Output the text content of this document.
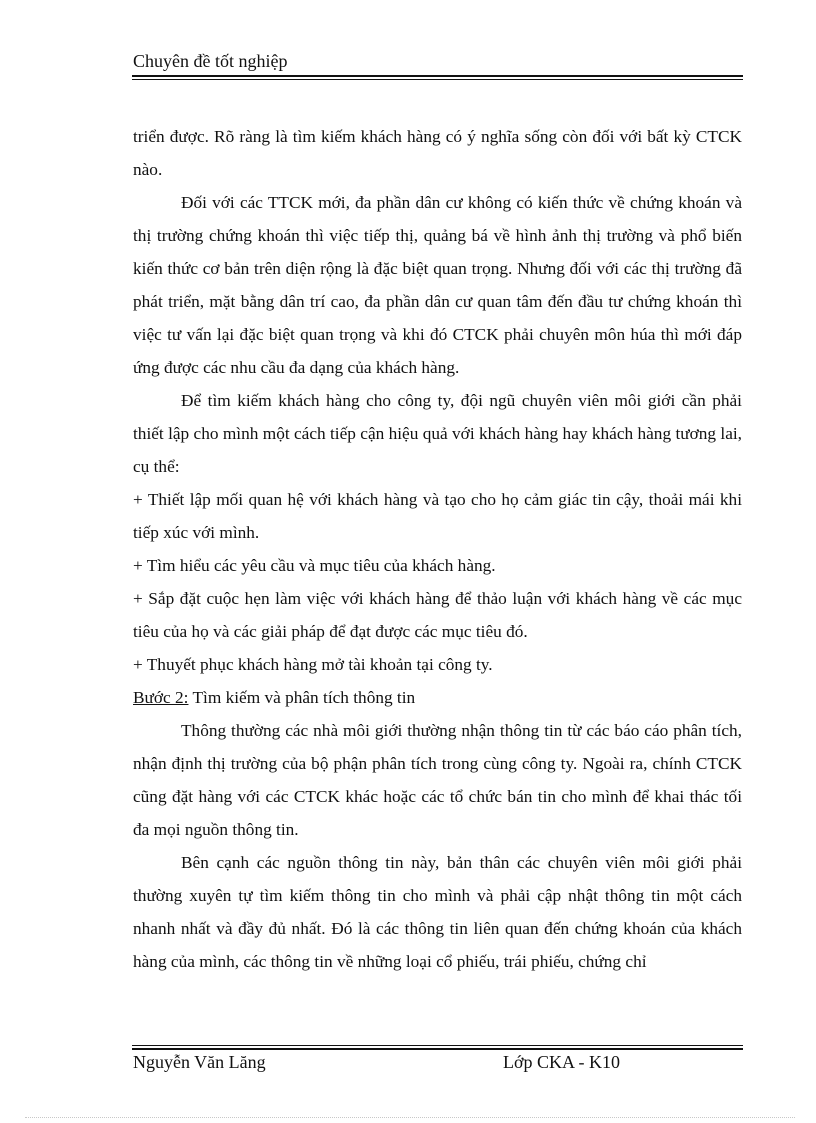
Chuyên đề tốt nghiệp

triển được. Rõ ràng là tìm kiếm khách hàng có ý nghĩa sống còn đối với bất kỳ CTCK nào.

Đối với các TTCK mới, đa phần dân cư không có kiến thức về chứng khoán và thị trường chứng khoán thì việc tiếp thị, quảng bá về hình ảnh thị trường và phổ biến kiến thức cơ bản trên diện rộng là đặc biệt quan trọng. Nhưng đối với các thị trường đã phát triển, mặt bằng dân trí cao, đa phần dân cư quan tâm đến đầu tư chứng khoán thì việc tư vấn lại đặc biệt quan trọng và khi đó CTCK phải chuyên môn húa thì mới đáp ứng được các nhu cầu đa dạng của khách hàng.

Để tìm kiếm khách hàng cho công ty, đội ngũ chuyên viên môi giới cần phải thiết lập cho mình một cách tiếp cận hiệu quả với khách hàng hay khách hàng tương lai, cụ thể:

+ Thiết lập mối quan hệ với khách hàng và tạo cho họ cảm giác tin cậy, thoải mái khi tiếp xúc với mình.

+ Tìm hiểu các yêu cầu và mục tiêu của khách hàng.

+ Sắp đặt cuộc hẹn làm việc với khách hàng để thảo luận với khách hàng về các mục tiêu của họ và các giải pháp để đạt được các mục tiêu đó.

+ Thuyết phục khách hàng mở tài khoản tại công ty.

Bước 2: Tìm kiếm và phân tích thông tin

Thông thường các nhà môi giới thường nhận thông tin từ các báo cáo phân tích, nhận định thị trường của bộ phận phân tích trong cùng công ty. Ngoài ra, chính CTCK cũng đặt hàng với các CTCK khác hoặc các tổ chức bán tin cho mình để khai thác tối đa mọi nguồn thông tin.

Bên cạnh các nguồn thông tin này, bản thân các chuyên viên môi giới phải thường xuyên tự tìm kiếm thông tin cho mình và phải cập nhật thông tin một cách nhanh nhất và đầy đủ nhất. Đó là các thông tin liên quan đến chứng khoán của khách hàng của mình, các thông tin về những loại cổ phiếu, trái phiếu, chứng chỉ

Nguyễn Văn Lăng	Lớp CKA - K10
